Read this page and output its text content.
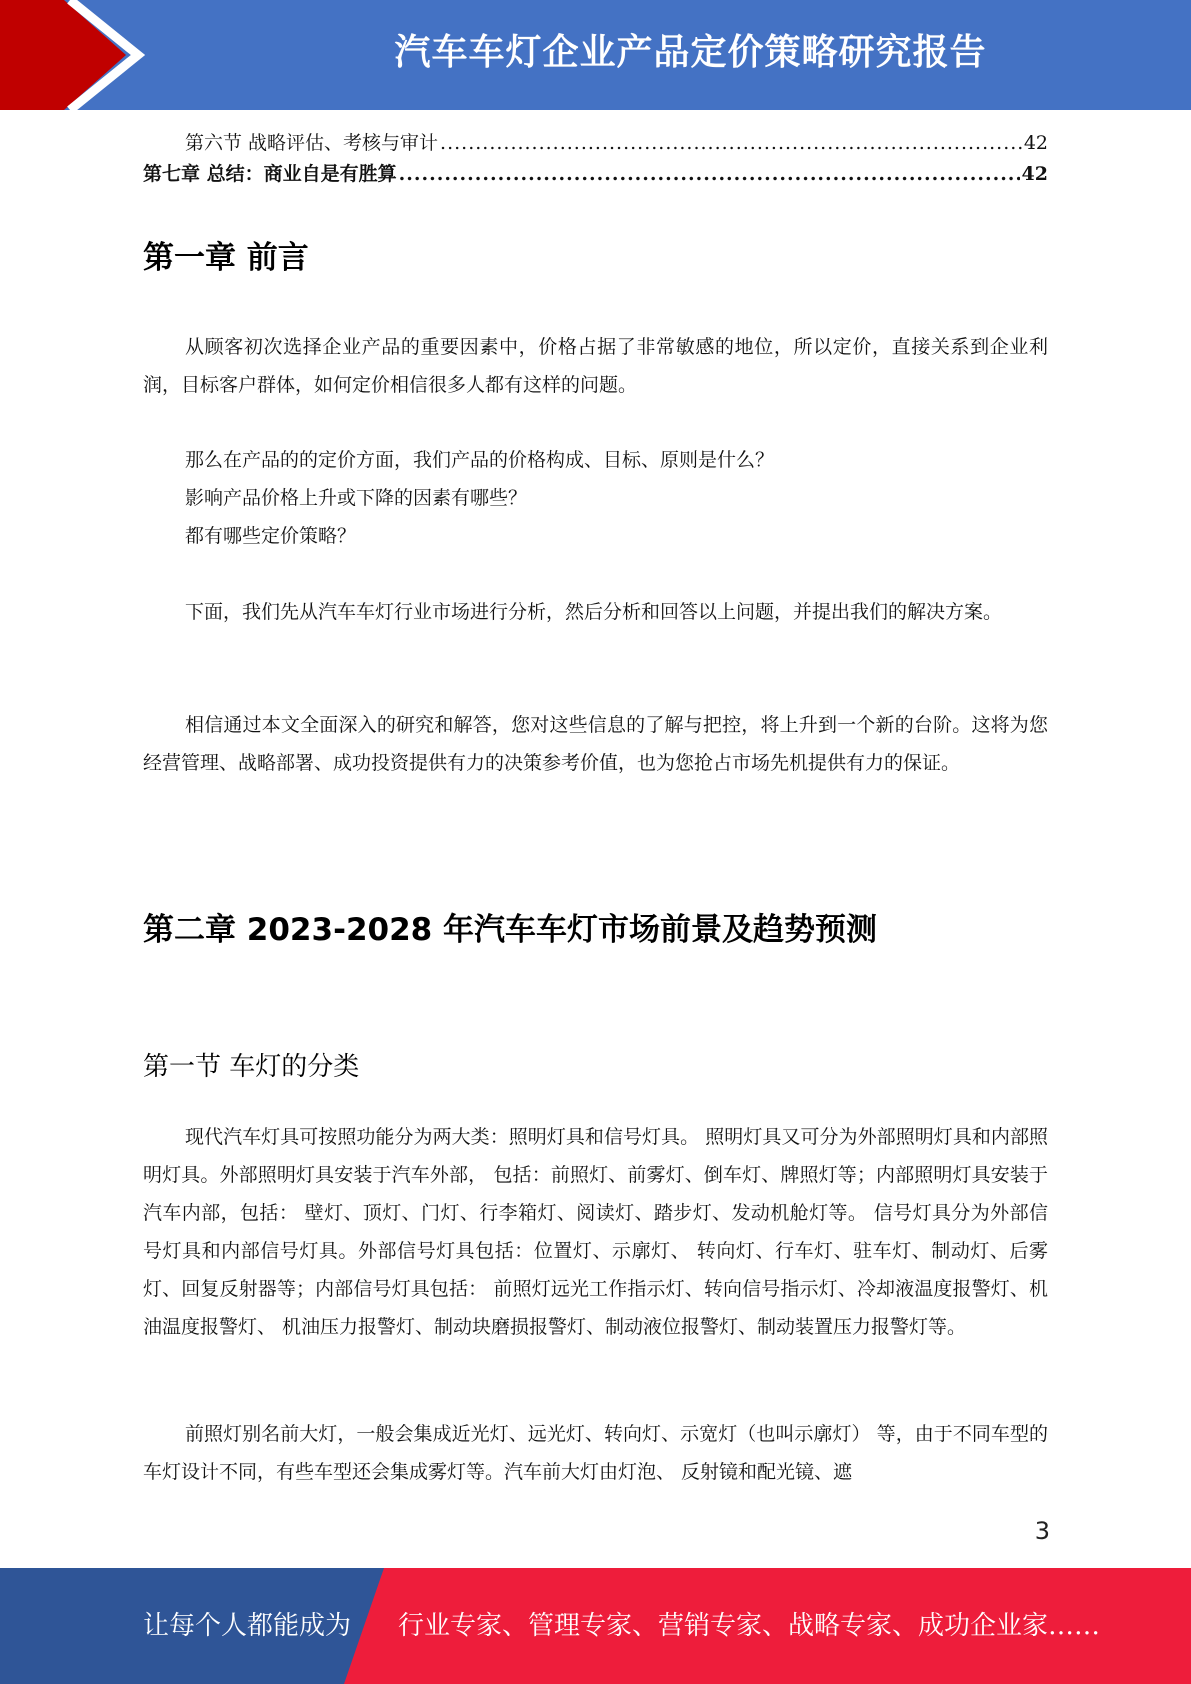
汽车车灯企业产品定价策略研究报告
第六节 战略评估、考核与审计 .....	42
第七章 总结：商业自是有胜算 .....	42
第一章 前言
从顾客初次选择企业产品的重要因素中，价格占据了非常敏感的地位，所以定价，直接关系到企业利润，目标客户群体，如何定价相信很多人都有这样的问题。
那么在产品的的定价方面，我们产品的价格构成、目标、原则是什么？
影响产品价格上升或下降的因素有哪些？
都有哪些定价策略？
下面，我们先从汽车车灯行业市场进行分析，然后分析和回答以上问题，并提出我们的解决方案。
相信通过本文全面深入的研究和解答，您对这些信息的了解与把控，将上升到一个新的台阶。这将为您经营管理、战略部署、成功投资提供有力的决策参考价值，也为您抢占市场先机提供有力的保证。
第二章 2023-2028 年汽车车灯市场前景及趋势预测
第一节 车灯的分类
现代汽车灯具可按照功能分为两大类：照明灯具和信号灯具。 照明灯具又可分为外部照明灯具和内部照明灯具。外部照明灯具安装于汽车外部， 包括：前照灯、前雾灯、倒车灯、牌照灯等；内部照明灯具安装于汽车内部，包括： 壁灯、顶灯、门灯、行李箱灯、阅读灯、踏步灯、发动机舱灯等。 信号灯具分为外部信号灯具和内部信号灯具。外部信号灯具包括：位置灯、示廓灯、 转向灯、行车灯、驻车灯、制动灯、后雾灯、回复反射器等；内部信号灯具包括： 前照灯远光工作指示灯、转向信号指示灯、冷却液温度报警灯、机油温度报警灯、 机油压力报警灯、制动块磨损报警灯、制动液位报警灯、制动装置压力报警灯等。
前照灯别名前大灯，一般会集成近光灯、远光灯、转向灯、示宽灯（也叫示廓灯） 等，由于不同车型的车灯设计不同，有些车型还会集成雾灯等。汽车前大灯由灯泡、 反射镜和配光镜、遮
3
让每个人都能成为 行业专家、管理专家、营销专家、战略专家、成功企业家……
